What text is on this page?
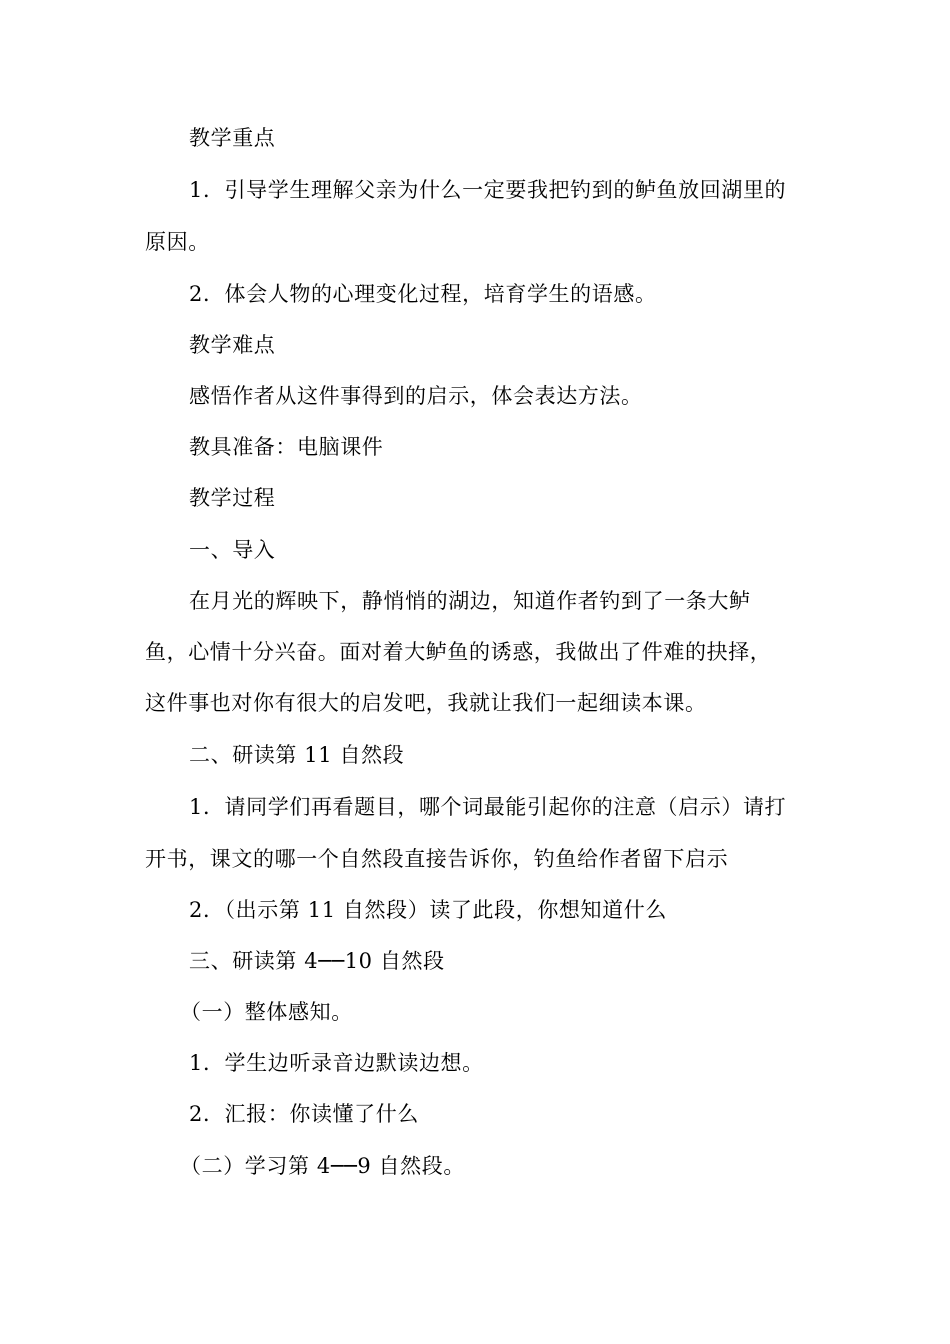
教学重点
1．引导学生理解父亲为什么一定要我把钓到的鲈鱼放回湖里的
原因。
2．体会人物的心理变化过程，培育学生的语感。
教学难点
感悟作者从这件事得到的启示，体会表达方法。
教具准备：电脑课件
教学过程
一、导入
在月光的辉映下，静悄悄的湖边，知道作者钓到了一条大鲈
鱼，心情十分兴奋。面对着大鲈鱼的诱惑，我做出了件难的抉择，
这件事也对你有很大的启发吧，我就让我们一起细读本课。
二、研读第 11 自然段
1．请同学们再看题目，哪个词最能引起你的注意（启示）请打
开书，课文的哪一个自然段直接告诉你，钓鱼给作者留下启示
2．（出示第 11 自然段）读了此段，你想知道什么
三、研读第 4──10 自然段
（一）整体感知。
1．学生边听录音边默读边想。
2．汇报：你读懂了什么
（二）学习第 4──9 自然段。
